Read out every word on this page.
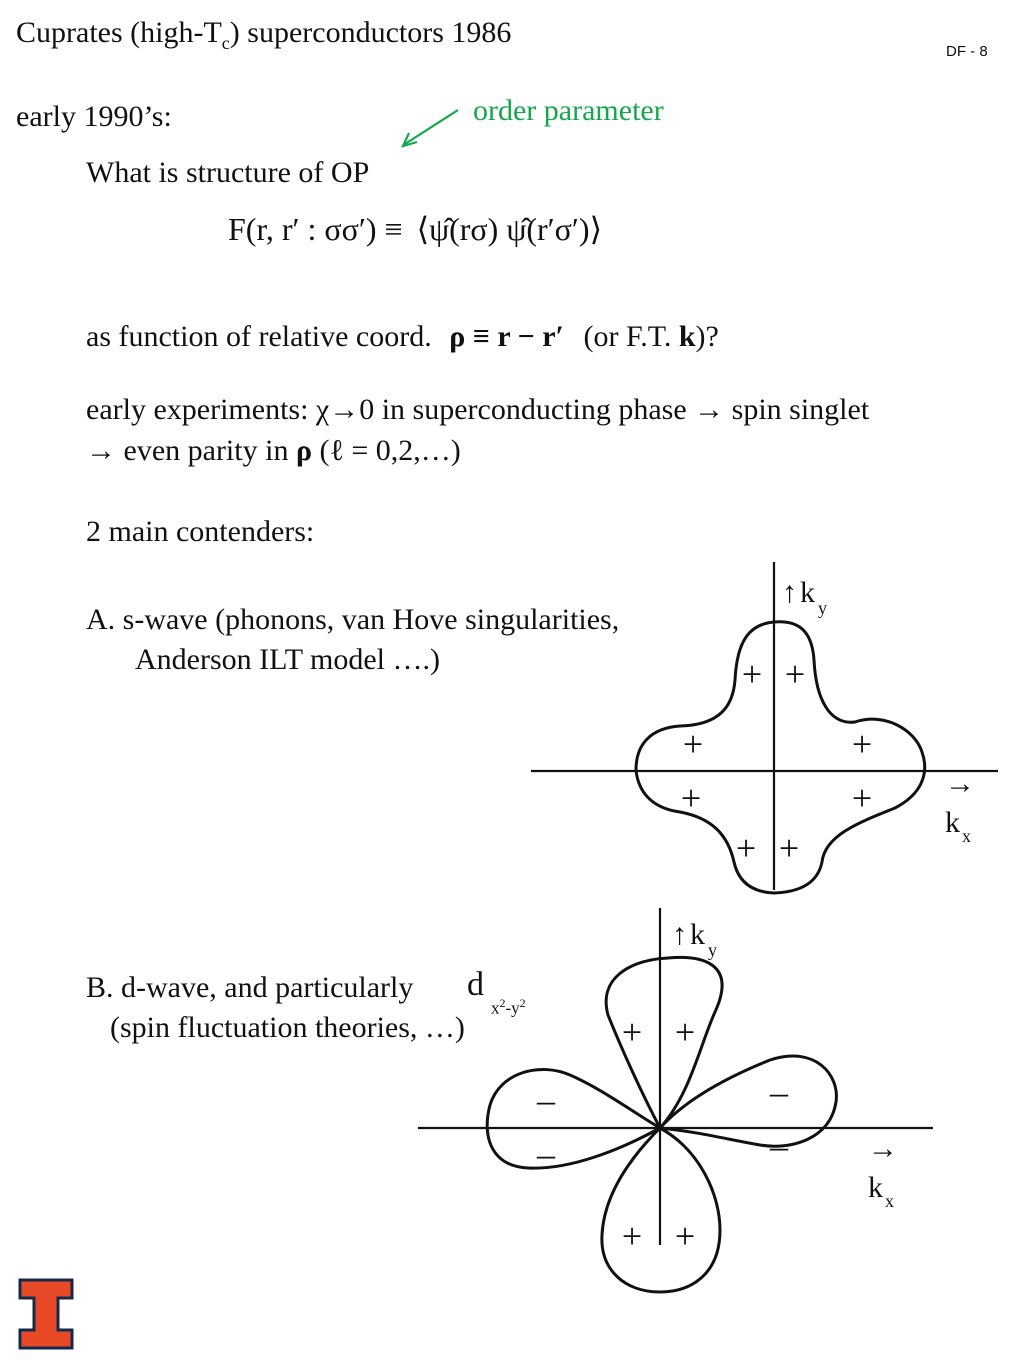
Cuprates $(high-T_c)$ superconductors 1986
DF - 8
early 1990’s:	order parameter
What is structure of OP
F(r, r′ : σσ′) ≡ ⟨ψ̂(rσ) ψ̂(r′σ′)⟩
as function of relative coord. ρ ≡ r − r′ (or F.T. k)?
early experiments: χ→0 in superconducting phase → spin singlet
→ even parity in ρ (ℓ = 0,2,…)
2 main contenders:
A. s-wave (phonons, van Hove singularities,
Anderson ILT model ….)
B. d-wave, and particularly d
$x^2-y^2$
(spin fluctuation theories, …)
+ +
+	+
+	+
+ +
↑ k y
→
k x
+ +
–	–
–	–
+ +
↑ k y
→
k x
